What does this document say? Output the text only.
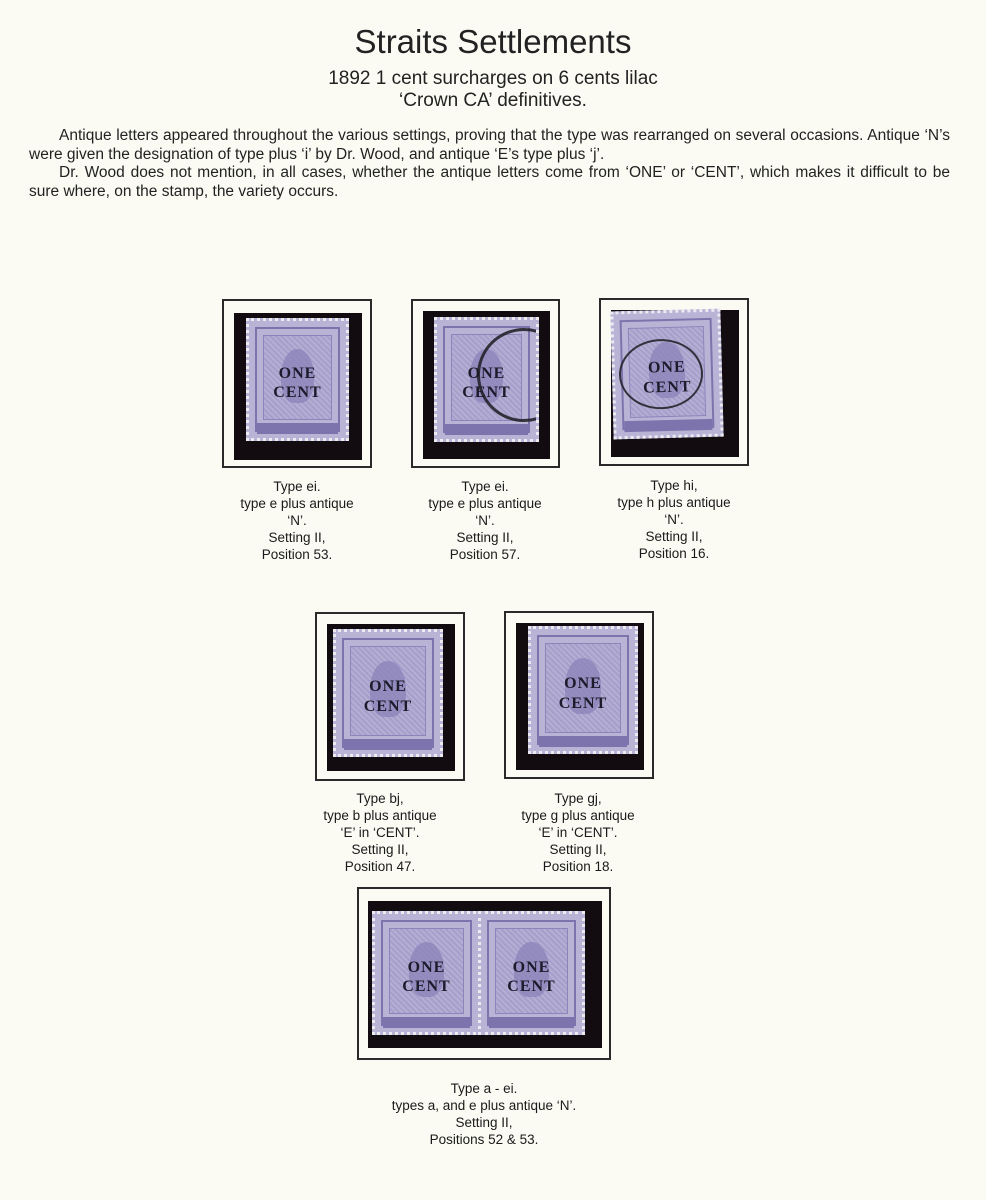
Straits Settlements
1892 1 cent surcharges on 6 cents lilac
‘Crown CA’ definitives.

Antique letters appeared throughout the various settings, proving that the type was rearranged on several occasions. Antique ‘N’s were given the designation of type plus ‘i’ by Dr. Wood, and antique ‘E’s type plus ‘j’.

Dr. Wood does not mention, in all cases, whether the antique letters come from ‘ONE’ or ‘CENT’, which makes it difficult to be sure where, on the stamp, the variety occurs.

ONE
CENT
Type ei.
type e plus antique
‘N’.
Setting II,
Position 53.
ONE
CENT
Type ei.
type e plus antique
‘N’.
Setting II,
Position 57.
ONE
CENT
Type hi,
type h plus antique
‘N’.
Setting II,
Position 16.
ONE
CENT
Type bj,
type b plus antique
‘E’ in ‘CENT’.
Setting II,
Position 47.
ONE
CENT
Type gj,
type g plus antique
‘E’ in ‘CENT’.
Setting II,
Position 18.
ONE
CENT
ONE
CENT
Type a - ei.
types a, and e plus antique ‘N’.
Setting II,
Positions 52 & 53.
